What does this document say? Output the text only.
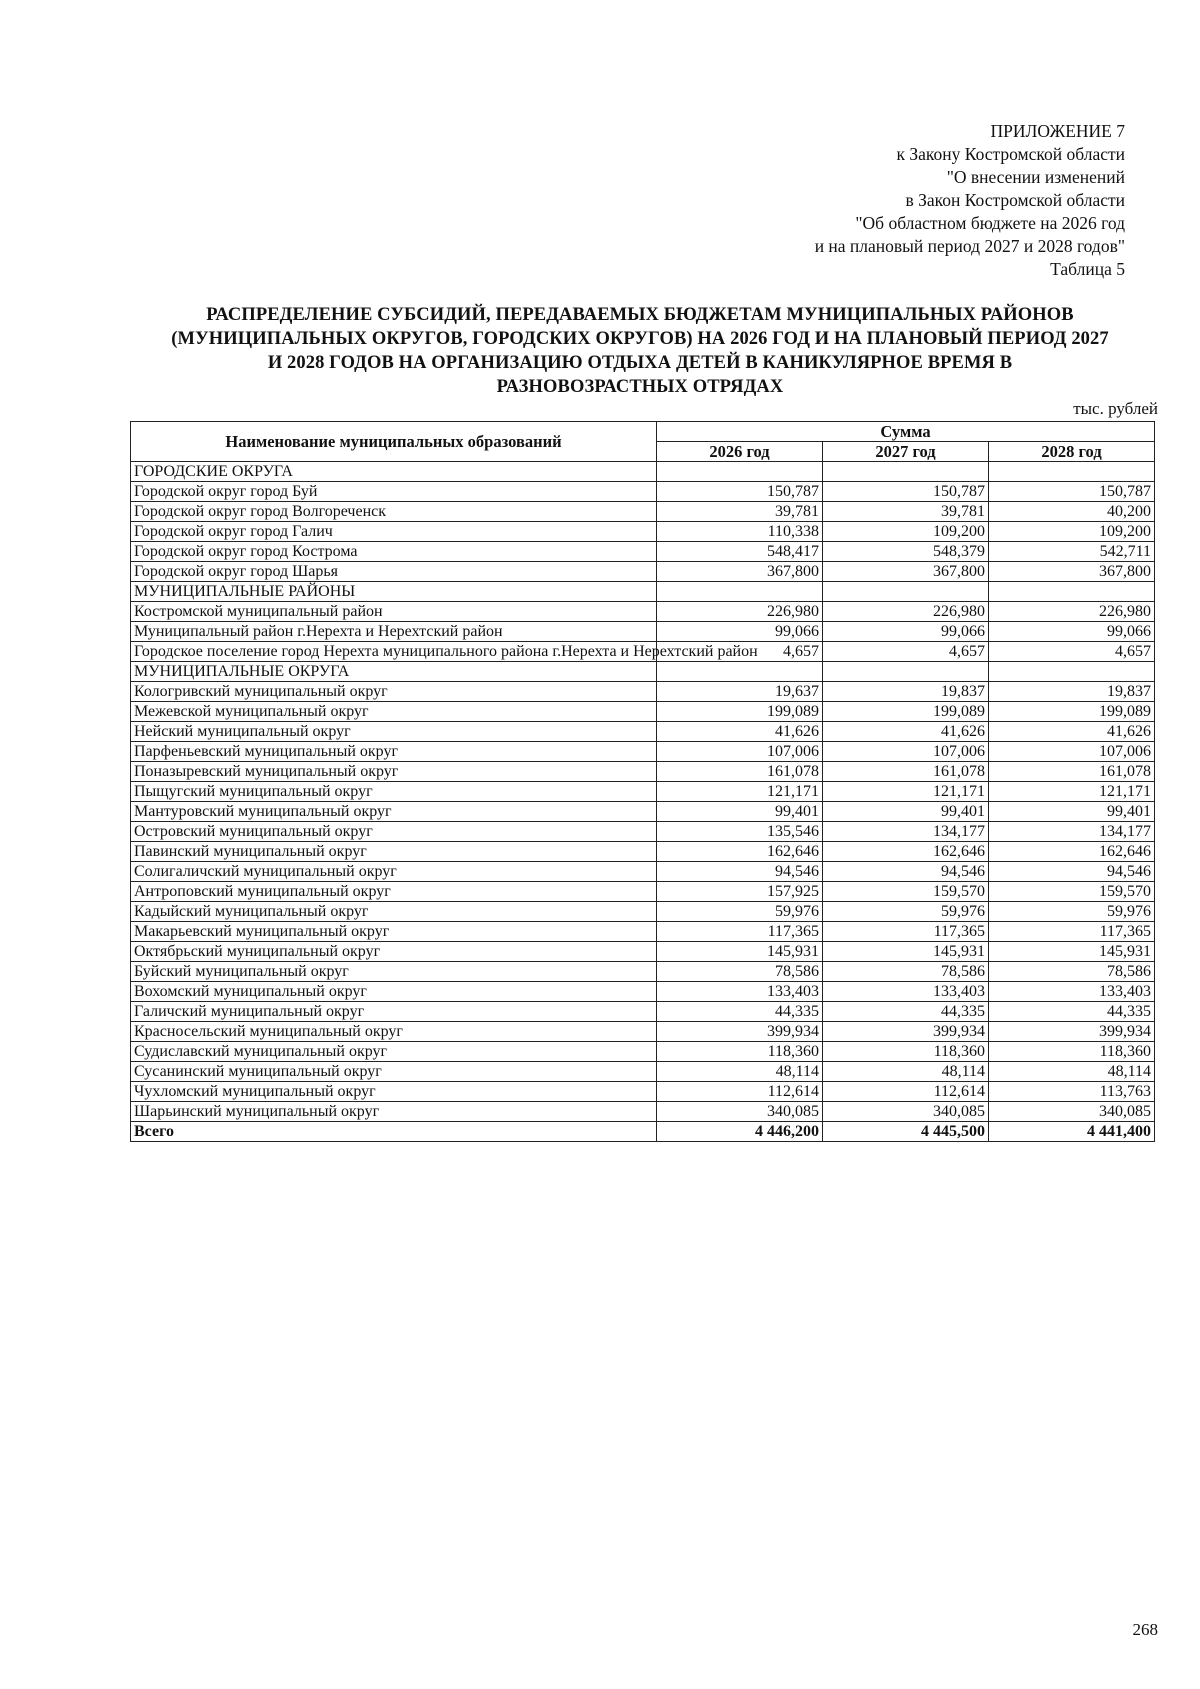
ПРИЛОЖЕНИЕ 7
к Закону Костромской области
"О внесении изменений
в Закон Костромской области
"Об областном бюджете на 2026 год
и на плановый период 2027 и 2028 годов"
Таблица 5
РАСПРЕДЕЛЕНИЕ СУБСИДИЙ, ПЕРЕДАВАЕМЫХ БЮДЖЕТАМ МУНИЦИПАЛЬНЫХ РАЙОНОВ
(МУНИЦИПАЛЬНЫХ ОКРУГОВ, ГОРОДСКИХ ОКРУГОВ) НА 2026 ГОД И НА ПЛАНОВЫЙ ПЕРИОД 2027
И 2028 ГОДОВ НА ОРГАНИЗАЦИЮ ОТДЫХА ДЕТЕЙ В КАНИКУЛЯРНОЕ ВРЕМЯ В
РАЗНОВОЗРАСТНЫХ ОТРЯДАХ
тыс. рублей
Наименование муниципальных образований	Сумма		
	2026 год	2027 год	2028 год
ГОРОДСКИЕ ОКРУГА			
Городской округ город Буй	150,787	150,787	150,787
Городской округ город Волгореченск	39,781	39,781	40,200
Городской округ город Галич	110,338	109,200	109,200
Городской округ город Кострома	548,417	548,379	542,711
Городской округ город Шарья	367,800	367,800	367,800
МУНИЦИПАЛЬНЫЕ РАЙОНЫ			
Костромской муниципальный район	226,980	226,980	226,980
Муниципальный район г.Нерехта и Нерехтский район	99,066	99,066	99,066
Городское поселение город Нерехта муниципального района г.Нерехта и Нерехтский район	4,657	4,657	4,657
МУНИЦИПАЛЬНЫЕ ОКРУГА			
Кологривский муниципальный округ	19,637	19,837	19,837
Межевской муниципальный округ	199,089	199,089	199,089
Нейский муниципальный округ	41,626	41,626	41,626
Парфеньевский муниципальный округ	107,006	107,006	107,006
Поназыревский муниципальный округ	161,078	161,078	161,078
Пыщугский муниципальный округ	121,171	121,171	121,171
Мантуровский муниципальный округ	99,401	99,401	99,401
Островский муниципальный округ	135,546	134,177	134,177
Павинский муниципальный округ	162,646	162,646	162,646
Солигаличский муниципальный округ	94,546	94,546	94,546
Антроповский муниципальный округ	157,925	159,570	159,570
Кадыйский муниципальный округ	59,976	59,976	59,976
Макарьевский муниципальный округ	117,365	117,365	117,365
Октябрьский муниципальный округ	145,931	145,931	145,931
Буйский муниципальный округ	78,586	78,586	78,586
Вохомский муниципальный округ	133,403	133,403	133,403
Галичский муниципальный округ	44,335	44,335	44,335
Красносельский муниципальный округ	399,934	399,934	399,934
Судиславский муниципальный округ	118,360	118,360	118,360
Сусанинский муниципальный округ	48,114	48,114	48,114
Чухломский муниципальный округ	112,614	112,614	113,763
Шарьинский муниципальный округ	340,085	340,085	340,085
Всего	4 446,200	4 445,500	4 441,400
268
